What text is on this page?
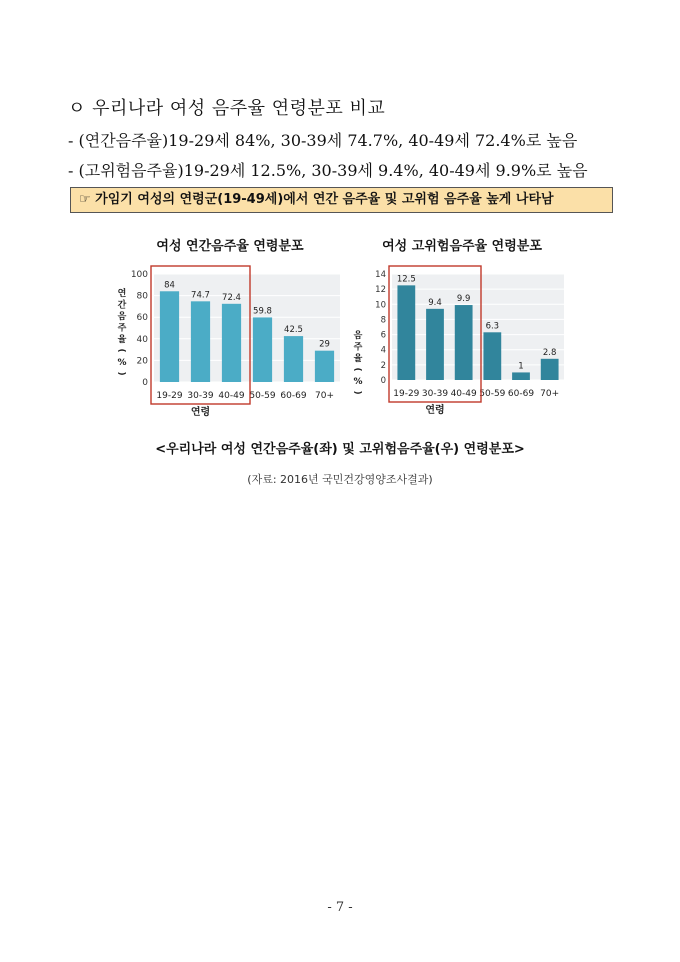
ㅇ 우리나라 여성 음주율 연령분포 비교
- (연간음주율)19-29세 84%, 30-39세 74.7%, 40-49세 72.4%로 높음
- (고위험음주율)19-29세 12.5%, 30-39세 9.4%, 40-49세 9.9%로 높음
☞ 가임기 여성의 연령군(19-49세)에서 연간 음주율 및 고위험 음주율 높게 나타남
여성 연간음주율 연령분포
0
20
40
60
80
100
84
19-29
74.7
30-39
72.4
40-49
59.8
50-59
42.5
60-69
29
70+
연령
연
간
음
주
율
(
%
)
여성 고위험음주율 연령분포
0
2
4
6
8
10
12
14 12.5
19-29
9.4
30-39
9.9
40-49
6.3
50-59
1
60-69
2.8
70+
연령
음
주
율
(
%
)
<우리나라 여성 연간음주율(좌) 및 고위험음주율(우) 연령분포>
(자료: 2016년 국민건강영양조사결과)
- 7 -
